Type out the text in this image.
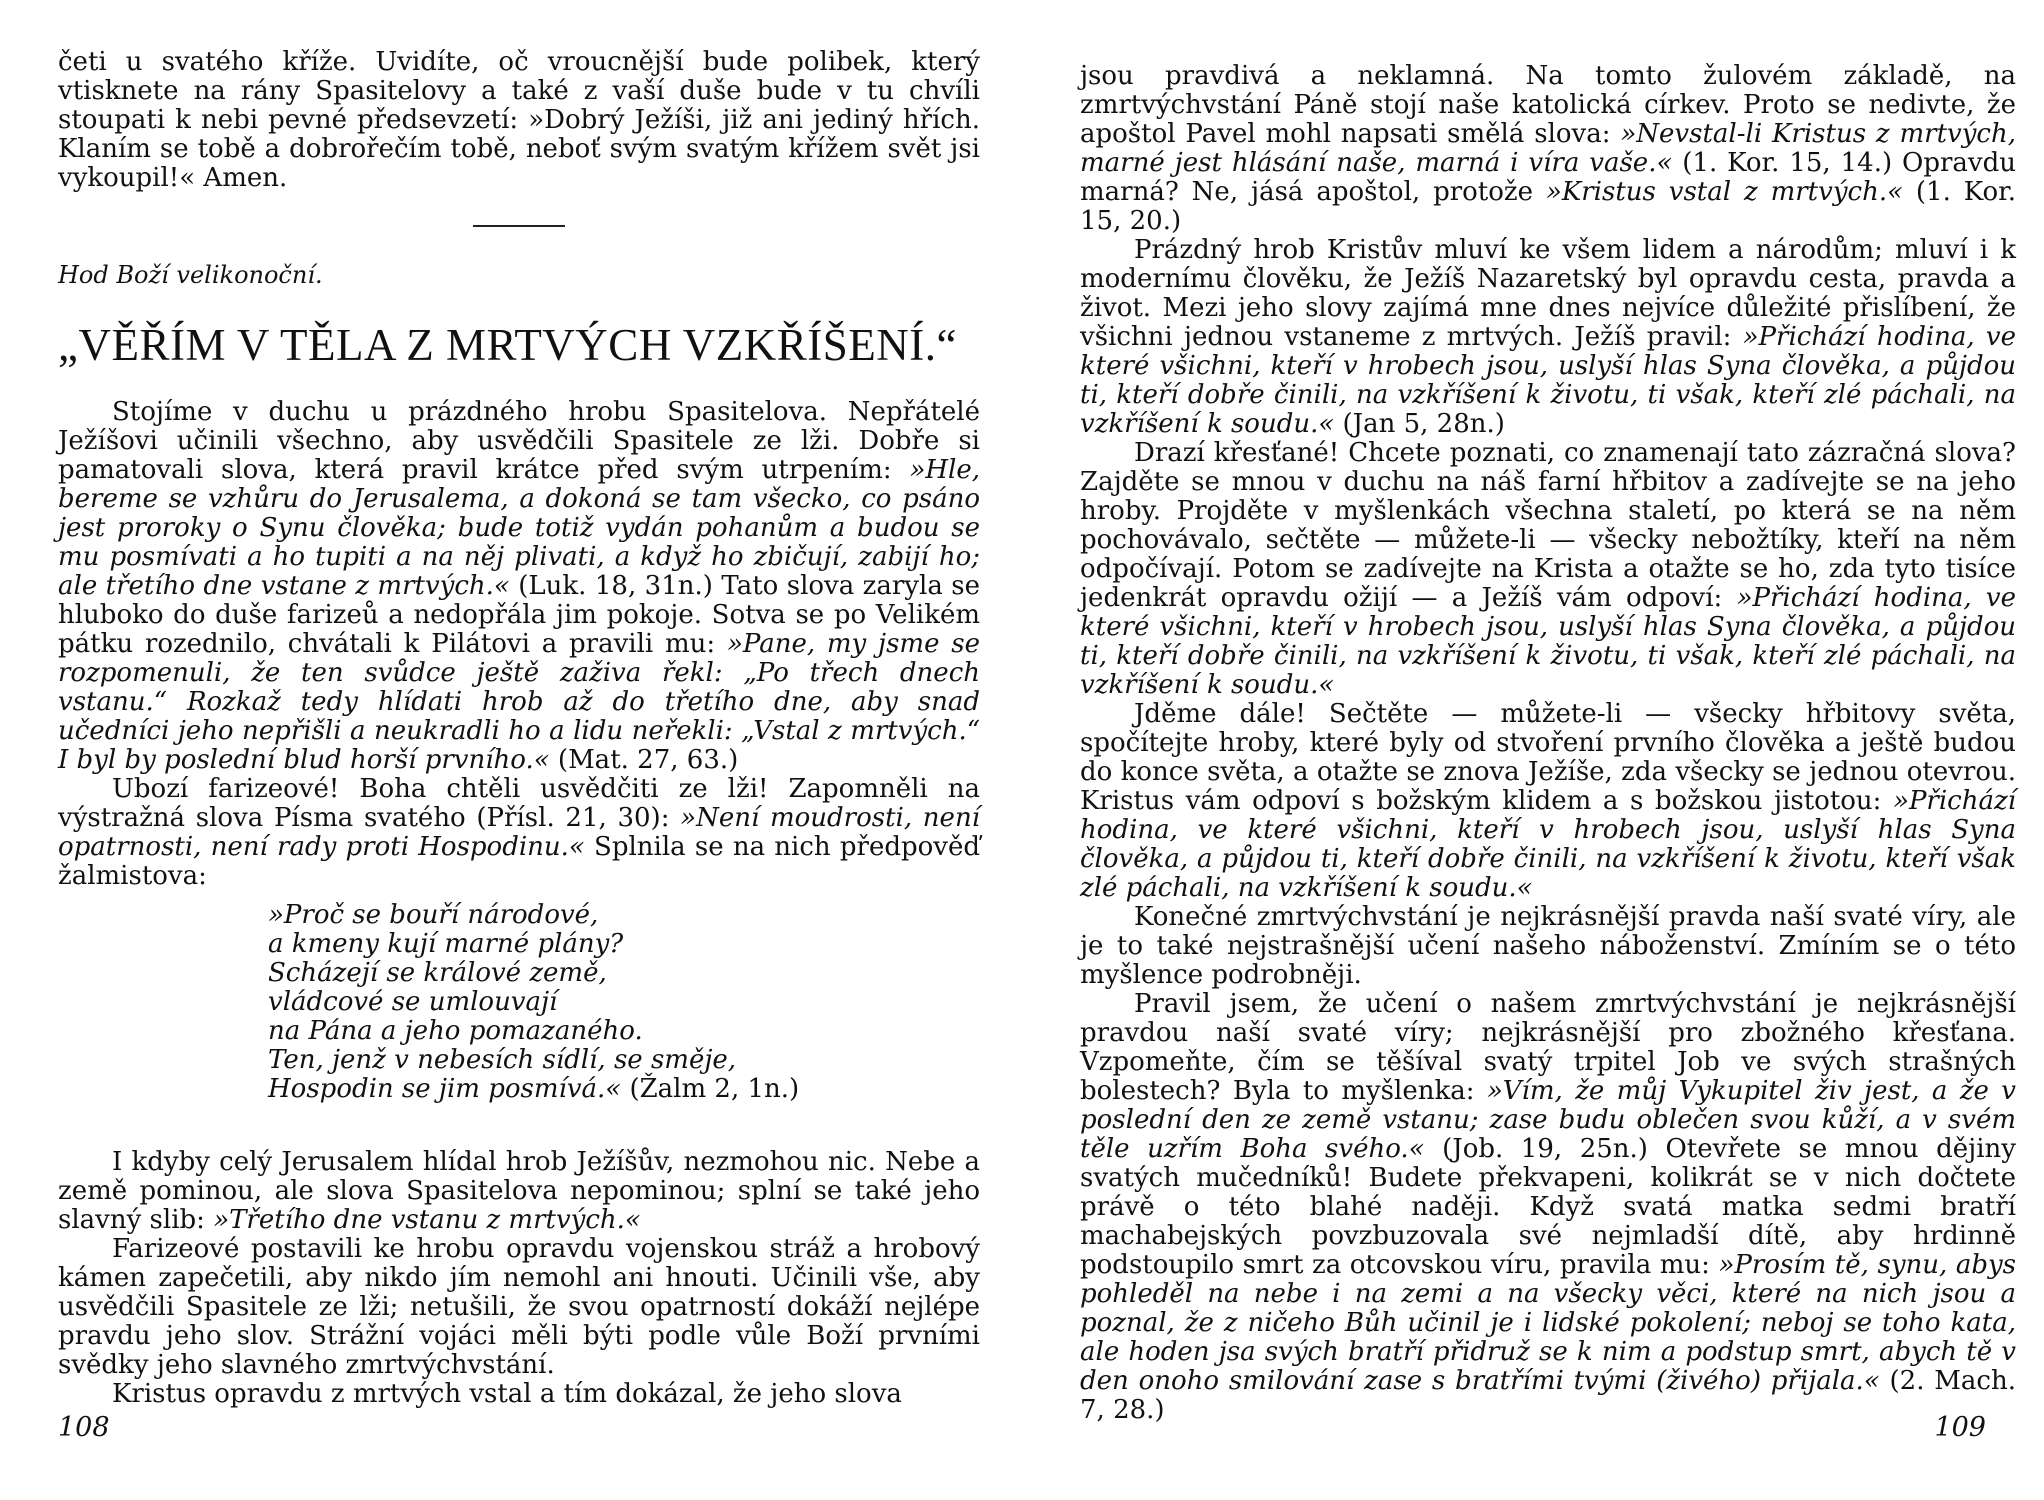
četi u svatého kříže. Uvidíte, oč vroucnější bude polibek, který vtisknete na rány Spasitelovy a také z vaší duše bude v tu chvíli stoupati k nebi pevné předsevzetí: »Dobrý Ježíši, již ani jediný hřích. Klaním se tobě a dobrořečím tobě, neboť svým svatým křížem svět jsi vykoupil!« Amen.

Hod Boží velikonoční.
„VĚŘÍM V TĚLA Z MRTVÝCH VZKŘÍŠENÍ.“

Stojíme v duchu u prázdného hrobu Spasitelova. Nepřátelé Ježíšovi učinili všechno, aby usvědčili Spasitele ze lži. Dobře si pamatovali slova, která pravil krátce před svým utrpením: »Hle, bereme se vzhůru do Jerusalema, a dokoná se tam všecko, co psáno jest proroky o Synu člověka; bude totiž vydán pohanům a budou se mu posmívati a ho tupiti a na něj plivati, a když ho zbičují, zabijí ho; ale třetího dne vstane z mrtvých.« (Luk. 18, 31n.) Tato slova zaryla se hluboko do duše farizeů a nedopřála jim pokoje. Sotva se po Velikém pátku rozednilo, chvátali k Pilátovi a pravili mu: »Pane, my jsme se rozpomenuli, že ten svůdce ještě zaživa řekl: „Po třech dnech vstanu.“ Rozkaž tedy hlídati hrob až do třetího dne, aby snad učedníci jeho nepřišli a neukradli ho a lidu neřekli: „Vstal z mrtvých.“ I byl by poslední blud horší prvního.« (Mat. 27, 63.)

Ubozí farizeové! Boha chtěli usvědčiti ze lži! Zapomněli na výstražná slova Písma svatého (Přísl. 21, 30): »Není moudrosti, není opatrnosti, není rady proti Hospodinu.« Splnila se na nich předpověď žalmistova:

»Proč se bouří národové,
a kmeny kují marné plány?
Scházejí se králové země,
vládcové se umlouvají
na Pána a jeho pomazaného.
Ten, jenž v nebesích sídlí, se směje,
Hospodin se jim posmívá.« (Žalm 2, 1n.)

I kdyby celý Jerusalem hlídal hrob Ježíšův, nezmohou nic. Nebe a země pominou, ale slova Spasitelova nepominou; splní se také jeho slavný slib: »Třetího dne vstanu z mrtvých.«

Farizeové postavili ke hrobu opravdu vojenskou stráž a hrobový kámen zapečetili, aby nikdo jím nemohl ani hnouti. Učinili vše, aby usvědčili Spasitele ze lži; netušili, že svou opatrností dokáží nejlépe pravdu jeho slov. Strážní vojáci měli býti podle vůle Boží prvními svědky jeho slavného zmrtvýchvstání.

Kristus opravdu z mrtvých vstal a tím dokázal, že jeho slova

108

jsou pravdivá a neklamná. Na tomto žulovém základě, na zmrtvýchvstání Páně stojí naše katolická církev. Proto se nedivte, že apoštol Pavel mohl napsati smělá slova: »Nevstal-li Kristus z mrtvých, marné jest hlásání naše, marná i víra vaše.« (1. Kor. 15, 14.) Opravdu marná? Ne, jásá apoštol, protože »Kristus vstal z mrtvých.« (1. Kor. 15, 20.)

Prázdný hrob Kristův mluví ke všem lidem a národům; mluví i k modernímu člověku, že Ježíš Nazaretský byl opravdu cesta, pravda a život. Mezi jeho slovy zajímá mne dnes nejvíce důležité přislíbení, že všichni jednou vstaneme z mrtvých. Ježíš pravil: »Přichází hodina, ve které všichni, kteří v hrobech jsou, uslyší hlas Syna člověka, a půjdou ti, kteří dobře činili, na vzkříšení k životu, ti však, kteří zlé páchali, na vzkříšení k soudu.« (Jan 5, 28n.)

Drazí křesťané! Chcete poznati, co znamenají tato zázračná slova? Zajděte se mnou v duchu na náš farní hřbitov a zadívejte se na jeho hroby. Projděte v myšlenkách všechna staletí, po která se na něm pochovávalo, sečtěte — můžete-li — všecky nebožtíky, kteří na něm odpočívají. Potom se zadívejte na Krista a otažte se ho, zda tyto tisíce jedenkrát opravdu ožijí — a Ježíš vám odpoví: »Přichází hodina, ve které všichni, kteří v hrobech jsou, uslyší hlas Syna člověka, a půjdou ti, kteří dobře činili, na vzkříšení k životu, ti však, kteří zlé páchali, na vzkříšení k soudu.«

Jděme dále! Sečtěte — můžete-li — všecky hřbitovy světa, spočítejte hroby, které byly od stvoření prvního člověka a ještě budou do konce světa, a otažte se znova Ježíše, zda všecky se jednou otevrou. Kristus vám odpoví s božským klidem a s božskou jistotou: »Přichází hodina, ve které všichni, kteří v hrobech jsou, uslyší hlas Syna člověka, a půjdou ti, kteří dobře činili, na vzkříšení k životu, kteří však zlé páchali, na vzkříšení k soudu.«

Konečné zmrtvýchvstání je nejkrásnější pravda naší svaté víry, ale je to také nejstrašnější učení našeho náboženství. Zmíním se o této myšlence podrobněji.

Pravil jsem, že učení o našem zmrtvýchvstání je nejkrásnější pravdou naší svaté víry; nejkrásnější pro zbožného křesťana. Vzpomeňte, čím se těšíval svatý trpitel Job ve svých strašných bolestech? Byla to myšlenka: »Vím, že můj Vykupitel živ jest, a že v poslední den ze země vstanu; zase budu oblečen svou kůží, a v svém těle uzřím Boha svého.« (Job. 19, 25n.) Otevřete se mnou dějiny svatých mučedníků! Budete překvapeni, kolikrát se v nich dočtete právě o této blahé naději. Když svatá matka sedmi bratří machabejských povzbuzovala své nejmladší dítě, aby hrdinně podstoupilo smrt za otcovskou víru, pravila mu: »Prosím tě, synu, abys pohleděl na nebe i na zemi a na všecky věci, které na nich jsou a poznal, že z ničeho Bůh učinil je i lidské pokolení; neboj se toho kata, ale hoden jsa svých bratří přidruž se k nim a podstup smrt, abych tě v den onoho smilování zase s bratřími tvými (živého) přijala.« (2. Mach. 7, 28.)

109
